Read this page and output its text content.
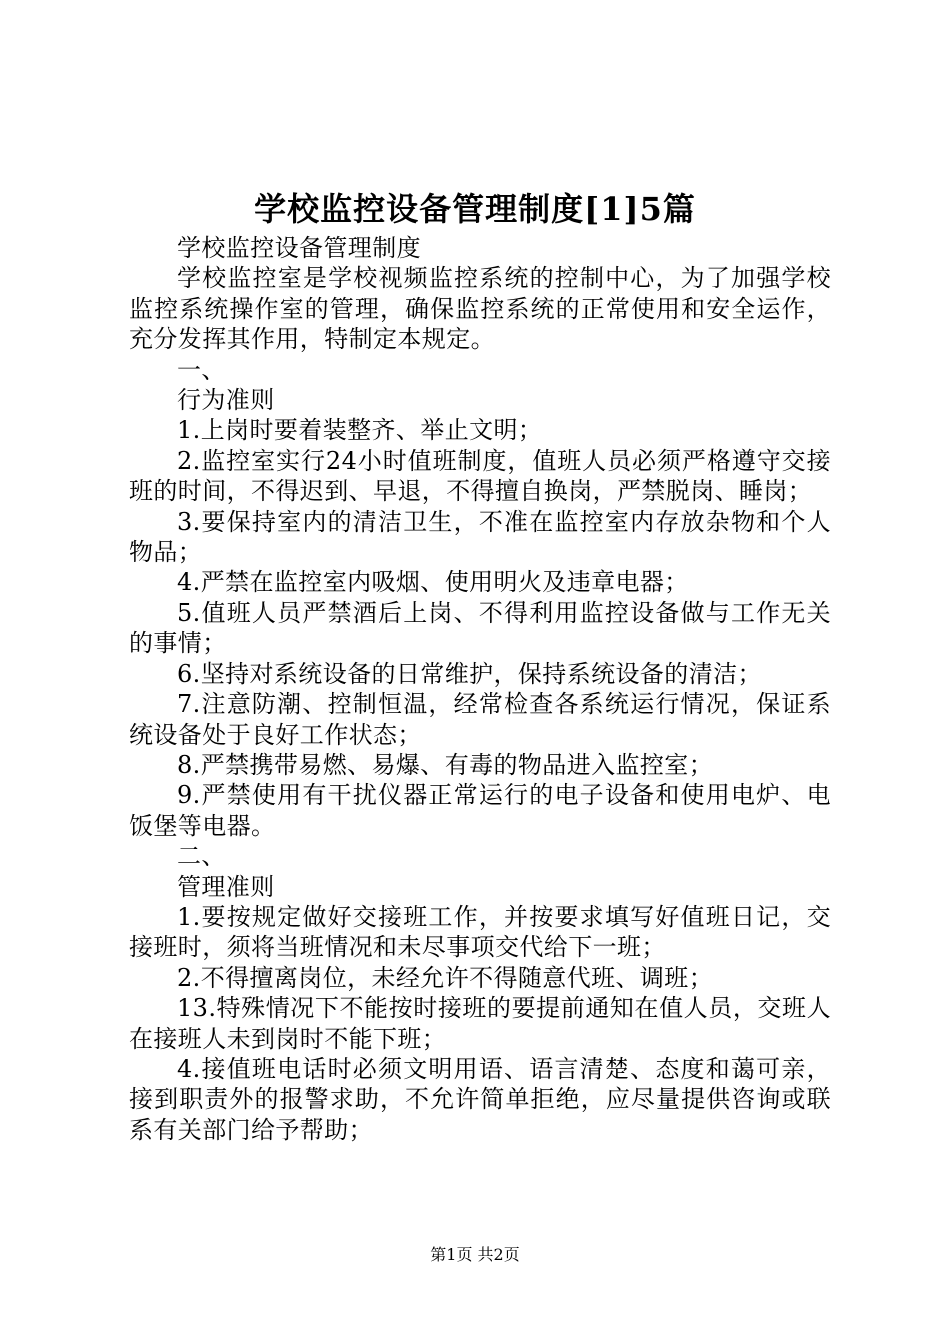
学校监控设备管理制度[1]5篇

学校监控设备管理制度

学校监控室是学校视频监控系统的控制中心，为了加强学校监控系统操作室的管理，确保监控系统的正常使用和安全运作，充分发挥其作用，特制定本规定。

一、

行为准则

1.上岗时要着装整齐、举止文明；

2.监控室实行24小时值班制度，值班人员必须严格遵守交接班的时间，不得迟到、早退，不得擅自换岗，严禁脱岗、睡岗；

3.要保持室内的清洁卫生，不准在监控室内存放杂物和个人物品；

4.严禁在监控室内吸烟、使用明火及违章电器；

5.值班人员严禁酒后上岗、不得利用监控设备做与工作无关的事情；

6.坚持对系统设备的日常维护，保持系统设备的清洁；

7.注意防潮、控制恒温，经常检查各系统运行情况，保证系统设备处于良好工作状态；

8.严禁携带易燃、易爆、有毒的物品进入监控室；

9.严禁使用有干扰仪器正常运行的电子设备和使用电炉、电饭堡等电器。

二、

管理准则

1.要按规定做好交接班工作，并按要求填写好值班日记，交接班时，须将当班情况和未尽事项交代给下一班；

2.不得擅离岗位，未经允许不得随意代班、调班；

13.特殊情况下不能按时接班的要提前通知在值人员，交班人在接班人未到岗时不能下班；

4.接值班电话时必须文明用语、语言清楚、态度和蔼可亲，接到职责外的报警求助，不允许简单拒绝，应尽量提供咨询或联系有关部门给予帮助；

第1页 共2页
